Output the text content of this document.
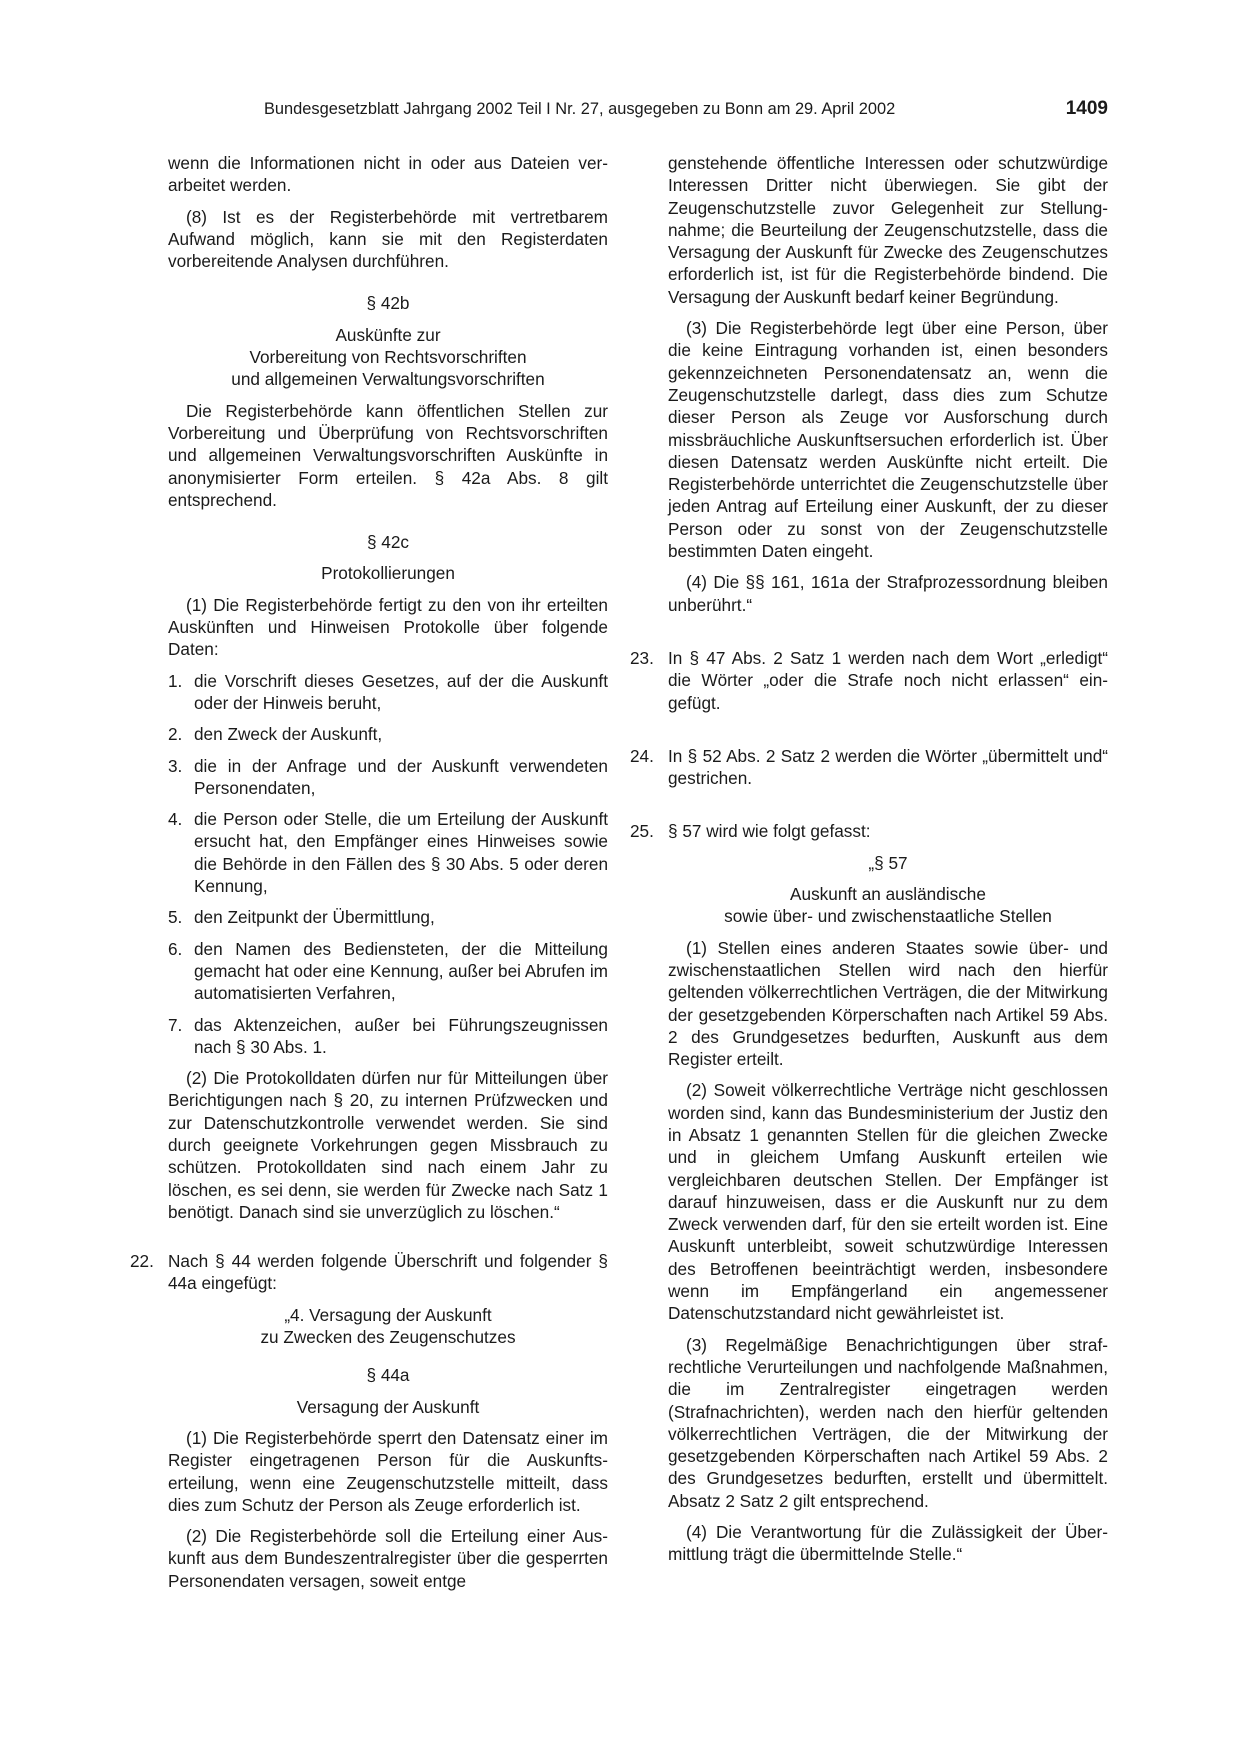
Bundesgesetzblatt Jahrgang 2002 Teil I Nr. 27, ausgegeben zu Bonn am 29. April 2002	1409

wenn die Informationen nicht in oder aus Dateien verarbeitet werden.

(8) Ist es der Registerbehörde mit vertretbarem Aufwand möglich, kann sie mit den Registerdaten vorbereitende Analysen durchführen.

§ 42b

Auskünfte zur

Vorbereitung von Rechtsvorschriften

und allgemeinen Verwaltungsvorschriften

Die Registerbehörde kann öffentlichen Stellen zur Vorbereitung und Überprüfung von Rechtsvorschriften und allgemeinen Verwaltungsvorschriften Auskünfte in anonymisierter Form erteilen. § 42a Abs. 8 gilt entsprechend.

§ 42c

Protokollierungen

(1) Die Registerbehörde fertigt zu den von ihr erteilten Auskünften und Hinweisen Protokolle über folgende Daten:

1. die Vorschrift dieses Gesetzes, auf der die Auskunft oder der Hinweis beruht,
2. den Zweck der Auskunft,
3. die in der Anfrage und der Auskunft verwendeten Personendaten,
4. die Person oder Stelle, die um Erteilung der Auskunft ersucht hat, den Empfänger eines Hinweises sowie die Behörde in den Fällen des § 30 Abs. 5 oder deren Kennung,
5. den Zeitpunkt der Übermittlung,
6. den Namen des Bediensteten, der die Mitteilung gemacht hat oder eine Kennung, außer bei Abrufen im automatisierten Verfahren,
7. das Aktenzeichen, außer bei Führungszeugnissen nach § 30 Abs. 1.

(2) Die Protokolldaten dürfen nur für Mitteilungen über Berichtigungen nach § 20, zu internen Prüfzwecken und zur Datenschutzkontrolle verwendet werden. Sie sind durch geeignete Vorkehrungen gegen Missbrauch zu schützen. Protokolldaten sind nach einem Jahr zu löschen, es sei denn, sie werden für Zwecke nach Satz 1 benötigt. Danach sind sie unverzüglich zu löschen.“

22. Nach § 44 werden folgende Überschrift und folgender § 44a eingefügt:

„4. Versagung der Auskunft

zu Zwecken des Zeugenschutzes

§ 44a

Versagung der Auskunft

(1) Die Registerbehörde sperrt den Datensatz einer im Register eingetragenen Person für die Auskunftserteilung, wenn eine Zeugenschutzstelle mitteilt, dass dies zum Schutz der Person als Zeuge erforderlich ist.

(2) Die Registerbehörde soll die Erteilung einer Auskunft aus dem Bundeszentralregister über die gesperrten Personendaten versagen, soweit entge

genstehende öffentliche Interessen oder schutzwürdige Interessen Dritter nicht überwiegen. Sie gibt der Zeugenschutzstelle zuvor Gelegenheit zur Stellungnahme; die Beurteilung der Zeugenschutzstelle, dass die Versagung der Auskunft für Zwecke des Zeugenschutzes erforderlich ist, ist für die Registerbehörde bindend. Die Versagung der Auskunft bedarf keiner Begründung.

(3) Die Registerbehörde legt über eine Person, über die keine Eintragung vorhanden ist, einen besonders gekennzeichneten Personendatensatz an, wenn die Zeugenschutzstelle darlegt, dass dies zum Schutze dieser Person als Zeuge vor Ausforschung durch missbräuchliche Auskunftsersuchen erforderlich ist. Über diesen Datensatz werden Auskünfte nicht erteilt. Die Registerbehörde unterrichtet die Zeugenschutzstelle über jeden Antrag auf Erteilung einer Auskunft, der zu dieser Person oder zu sonst von der Zeugenschutzstelle bestimmten Daten eingeht.

(4) Die §§ 161, 161a der Strafprozessordnung bleiben unberührt.“

23. In § 47 Abs. 2 Satz 1 werden nach dem Wort „erledigt“ die Wörter „oder die Strafe noch nicht erlassen“ eingefügt.

24. In § 52 Abs. 2 Satz 2 werden die Wörter „übermittelt und“ gestrichen.

25. § 57 wird wie folgt gefasst:

„§ 57

Auskunft an ausländische

sowie über- und zwischenstaatliche Stellen

(1) Stellen eines anderen Staates sowie über- und zwischenstaatlichen Stellen wird nach den hierfür geltenden völkerrechtlichen Verträgen, die der Mitwirkung der gesetzgebenden Körperschaften nach Artikel 59 Abs. 2 des Grundgesetzes bedurften, Auskunft aus dem Register erteilt.

(2) Soweit völkerrechtliche Verträge nicht geschlossen worden sind, kann das Bundesministerium der Justiz den in Absatz 1 genannten Stellen für die gleichen Zwecke und in gleichem Umfang Auskunft erteilen wie vergleichbaren deutschen Stellen. Der Empfänger ist darauf hinzuweisen, dass er die Auskunft nur zu dem Zweck verwenden darf, für den sie erteilt worden ist. Eine Auskunft unterbleibt, soweit schutzwürdige Interessen des Betroffenen beeinträchtigt werden, insbesondere wenn im Empfängerland ein angemessener Datenschutzstandard nicht gewährleistet ist.

(3) Regelmäßige Benachrichtigungen über strafrechtliche Verurteilungen und nachfolgende Maßnahmen, die im Zentralregister eingetragen werden (Strafnachrichten), werden nach den hierfür geltenden völkerrechtlichen Verträgen, die der Mitwirkung der gesetzgebenden Körperschaften nach Artikel 59 Abs. 2 des Grundgesetzes bedurften, erstellt und übermittelt. Absatz 2 Satz 2 gilt entsprechend.

(4) Die Verantwortung für die Zulässigkeit der Übermittlung trägt die übermittelnde Stelle.“
